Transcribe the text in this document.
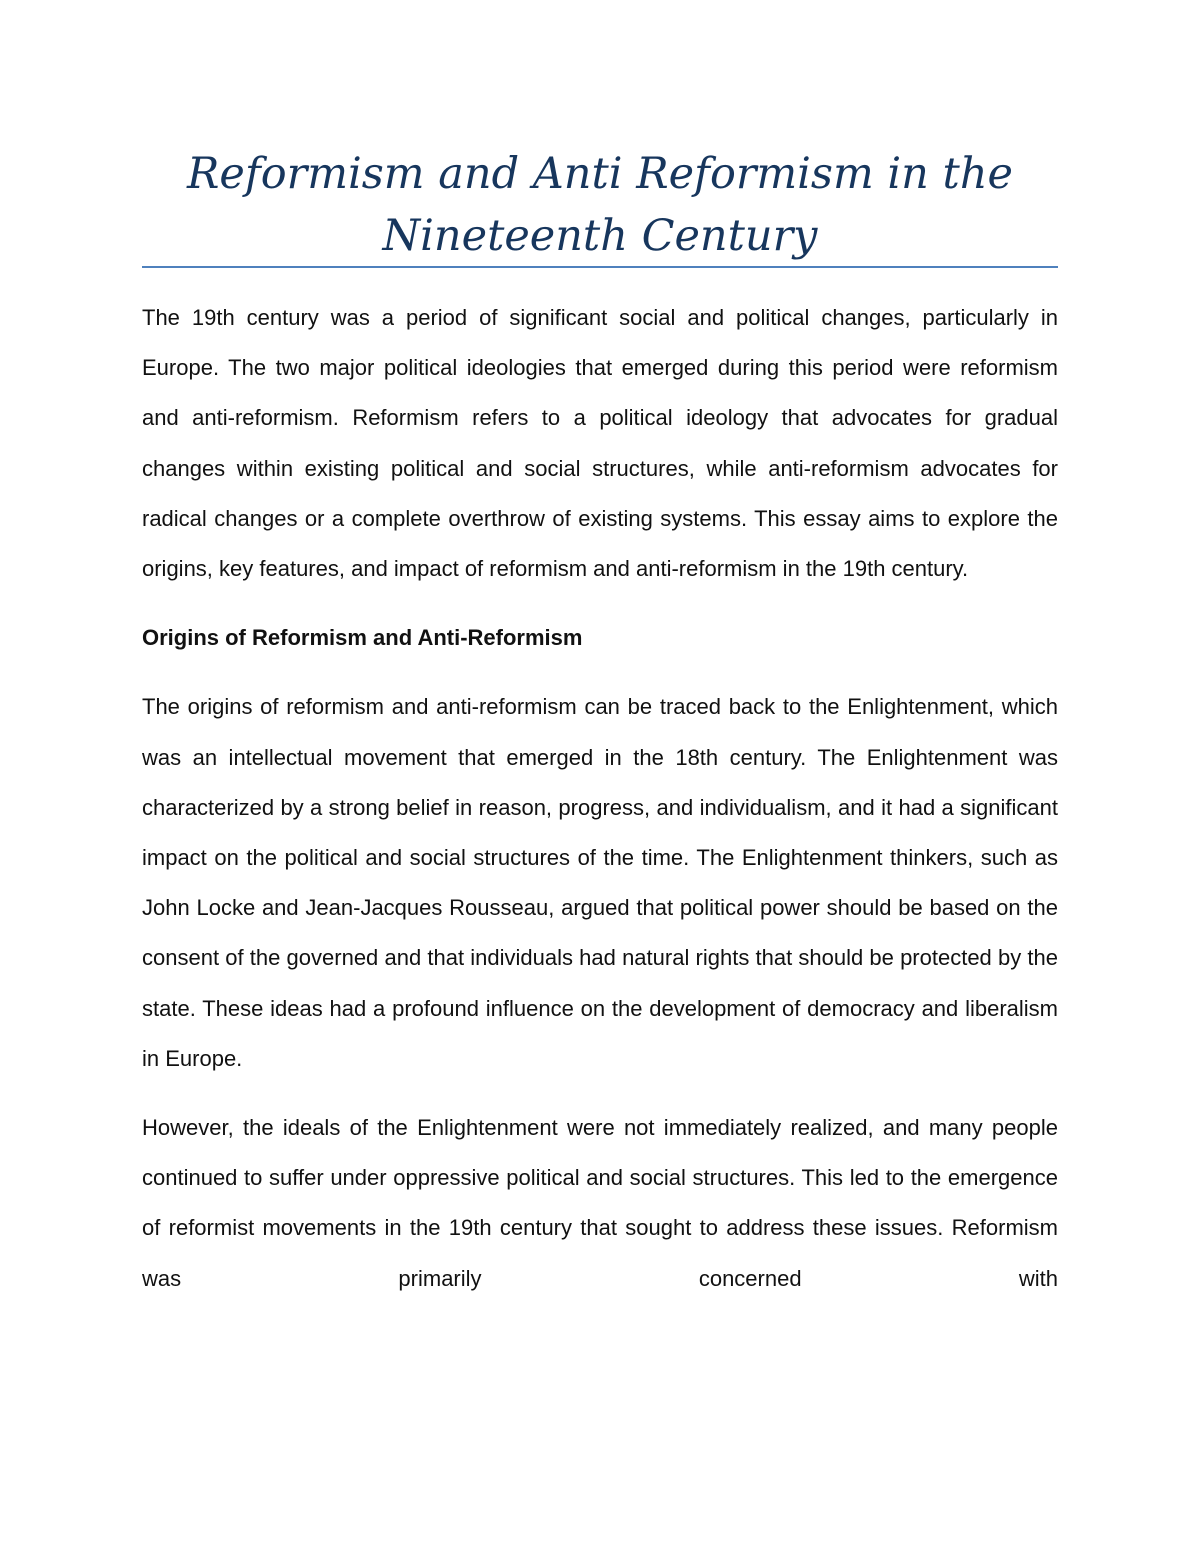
Reformism and Anti Reformism in the
Nineteenth Century

The 19th century was a period of significant social and political changes, particularly in Europe. The two major political ideologies that emerged during this period were reformism and anti-reformism. Reformism refers to a political ideology that advocates for gradual changes within existing political and social structures, while anti-reformism advocates for radical changes or a complete overthrow of existing systems. This essay aims to explore the origins, key features, and impact of reformism and anti-reformism in the 19th century.

Origins of Reformism and Anti-Reformism

The origins of reformism and anti-reformism can be traced back to the Enlightenment, which was an intellectual movement that emerged in the 18th century. The Enlightenment was characterized by a strong belief in reason, progress, and individualism, and it had a significant impact on the political and social structures of the time. The Enlightenment thinkers, such as John Locke and Jean-Jacques Rousseau, argued that political power should be based on the consent of the governed and that individuals had natural rights that should be protected by the state. These ideas had a profound influence on the development of democracy and liberalism in Europe.

However, the ideals of the Enlightenment were not immediately realized, and many people continued to suffer under oppressive political and social structures. This led to the emergence of reformist movements in the 19th century that sought to address these issues. Reformism was primarily concerned with
